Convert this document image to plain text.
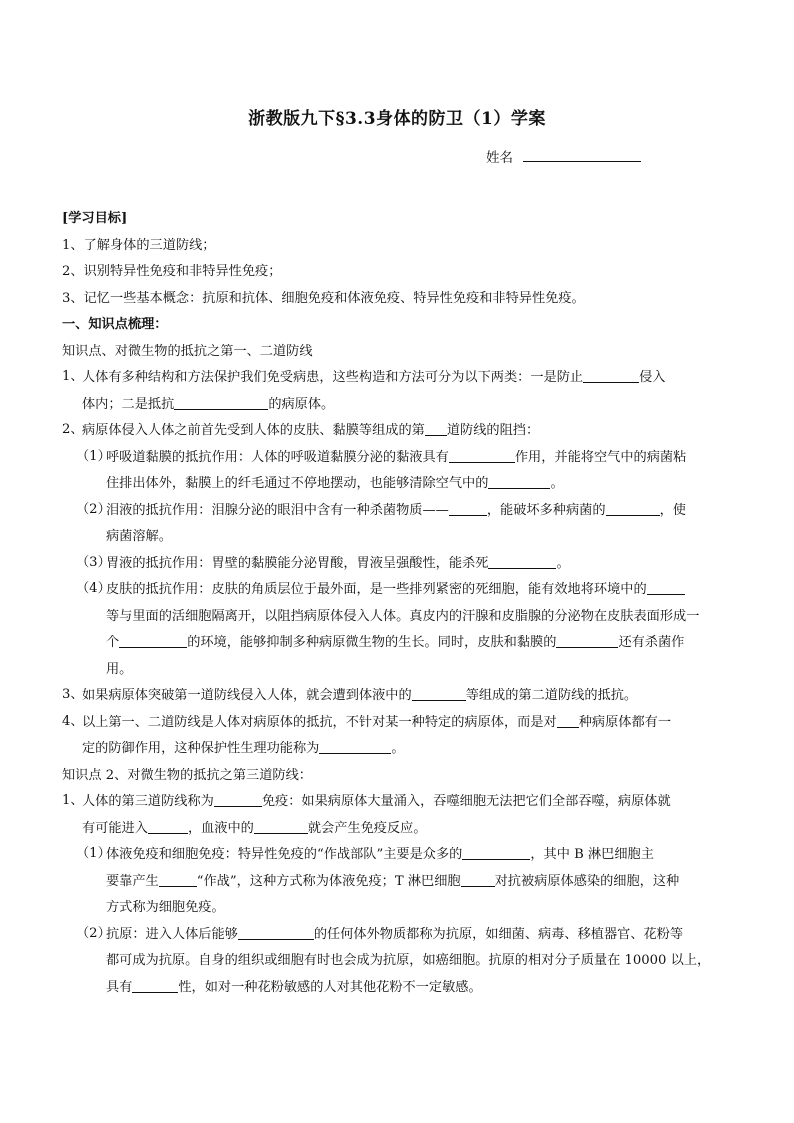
浙教版九下§3.3身体的防卫（1）学案
姓名

[学习目标]

1、了解身体的三道防线；

2、识别特异性免疫和非特异性免疫；

3、记忆一些基本概念：抗原和抗体、细胞免疫和体液免疫、特异性免疫和非特异性免疫。

一、知识点梳理：

知识点、对微生物的抵抗之第一、二道防线

1、

人体有多种结构和方法保护我们免受病患，这些构造和方法可分为以下两类：一是防止	侵入

体内；二是抵抗	的病原体。

2、

病原体侵入人体之前首先受到人体的皮肤、黏膜等组成的第 道防线的阻挡：

（1）

呼吸道黏膜的抵抗作用：人体的呼吸道黏膜分泌的黏液具有	作用，并能将空气中的病菌粘

住排出体外，黏膜上的纤毛通过不停地摆动，也能够清除空气中的	。

（2）

泪液的抵抗作用：泪腺分泌的眼泪中含有一种杀菌物质——	，能破坏多种病菌的	，使

病菌溶解。

（3）

胃液的抵抗作用：胃壁的黏膜能分泌胃酸，胃液呈强酸性，能杀死	。

（4）

皮肤的抵抗作用：皮肤的角质层位于最外面，是一些排列紧密的死细胞，能有效地将环境中的

等与里面的活细胞隔离开，以阻挡病原体侵入人体。真皮内的汗腺和皮脂腺的分泌物在皮肤表面形成一

个	的环境，能够抑制多种病原微生物的生长。同时，皮肤和黏膜的	还有杀菌作

用。

3、

如果病原体突破第一道防线侵入人体，就会遭到体液中的	等组成的第二道防线的抵抗。

4、

以上第一、二道防线是人体对病原体的抵抗，不针对某一种特定的病原体，而是对 种病原体都有一

定的防御作用，这种保护性生理功能称为	。

知识点 2、对微生物的抵抗之第三道防线：

1、

人体的第三道防线称为	免疫：如果病原体大量涌入，吞噬细胞无法把它们全部吞噬，病原体就

有可能进入	，血液中的	就会产生免疫反应。

（1）

体液免疫和细胞免疫：特异性免疫的“作战部队”主要是众多的	，其中 B 淋巴细胞主

要靠产生	“作战”，这种方式称为体液免疫；T 淋巴细胞	对抗被病原体感染的细胞，这种

方式称为细胞免疫。

（2）

抗原：进入人体后能够	的任何体外物质都称为抗原，如细菌、病毒、移植器官、花粉等

都可成为抗原。自身的组织或细胞有时也会成为抗原，如癌细胞。抗原的相对分子质量在 10000 以上，

具有	性，如对一种花粉敏感的人对其他花粉不一定敏感。
